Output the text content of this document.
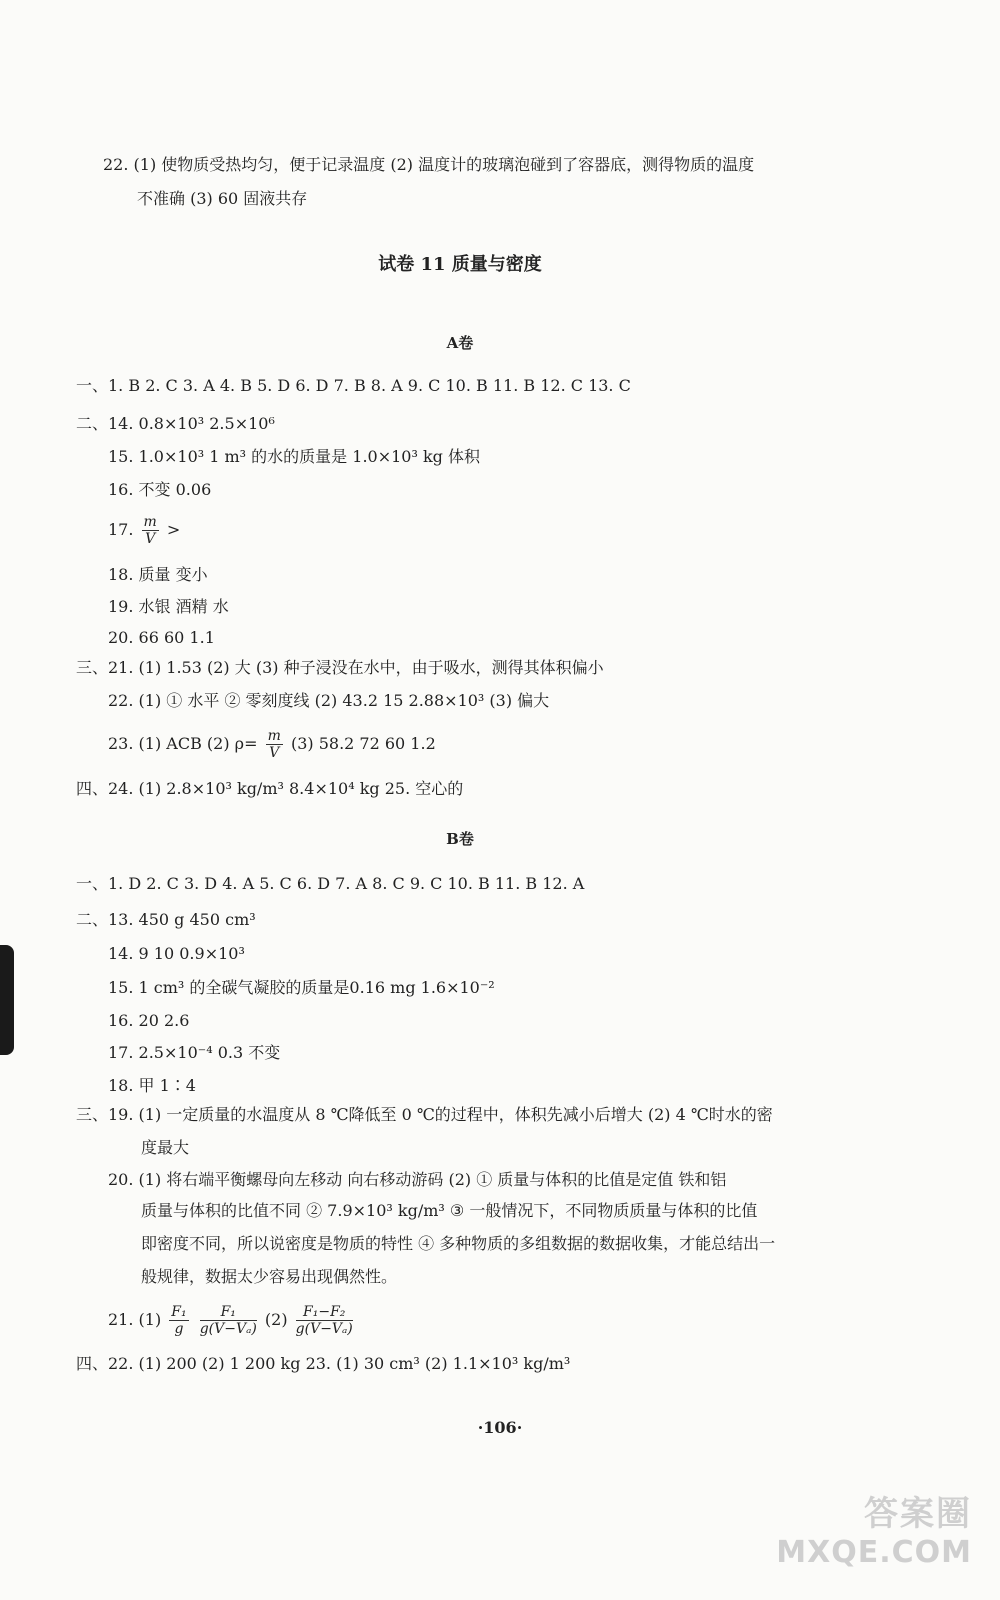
22. (1) 使物质受热均匀，便于记录温度 (2) 温度计的玻璃泡碰到了容器底，测得物质的温度
不准确 (3) 60 固液共存
试卷 11 质量与密度
A卷
一、1. B 2. C 3. A 4. B 5. D 6. D 7. B 8. A 9. C 10. B 11. B 12. C 13. C
二、14. 0.8×10³ 2.5×10⁶
15. 1.0×10³ 1 m³ 的水的质量是 1.0×10³ kg 体积
16. 不变 0.06
17. $\frac{m}{V}$ >
18. 质量 变小
19. 水银 酒精 水
20. 66 60 1.1
三、21. (1) 1.53 (2) 大 (3) 种子浸没在水中，由于吸水，测得其体积偏小
22. (1) ① 水平 ② 零刻度线 (2) 43.2 15 2.88×10³ (3) 偏大
23. (1) ACB (2) $\rho= \frac{m}{V} (3)$ 58.2 72 60 1.2
四、24. (1) 2.8×10³ kg/m³ 8.4×10⁴ kg 25. 空心的
B卷
一、1. D 2. C 3. D 4. A 5. C 6. D 7. A 8. C 9. C 10. B 11. B 12. A
二、13. 450 g 450 cm³
14. 9 10 0.9×10³
15. 1 cm³ 的全碳气凝胶的质量是0.16 mg 1.6×10⁻²
16. 20 2.6
17. 2.5×10⁻⁴ 0.3 不变
18. 甲 1∶4
三、19. (1) 一定质量的水温度从 8 ℃降低至 0 ℃的过程中，体积先减小后增大 (2) 4 ℃时水的密
度最大
20. (1) 将右端平衡螺母向左移动 向右移动游码 (2) ① 质量与体积的比值是定值 铁和铝
质量与体积的比值不同 ② 7.9×10³ kg/m³ ③ 一般情况下，不同物质质量与体积的比值
即密度不同，所以说密度是物质的特性 ④ 多种物质的多组数据的数据收集，才能总结出一
般规律，数据太少容易出现偶然性。
21. $(1) \frac{\text{F₁}}{g}$
$\frac{\text{F₁}}{\text{g(V−Vₐ)}} (2) \frac{\text{F₁−F₂}}{\text{g(V−Vₐ)}}$
四、22. (1) 200 (2) 1 200 kg 23. (1) 30 cm³ (2) 1.1×10³ kg/m³
·106·
答案圈
MXQE.COM
